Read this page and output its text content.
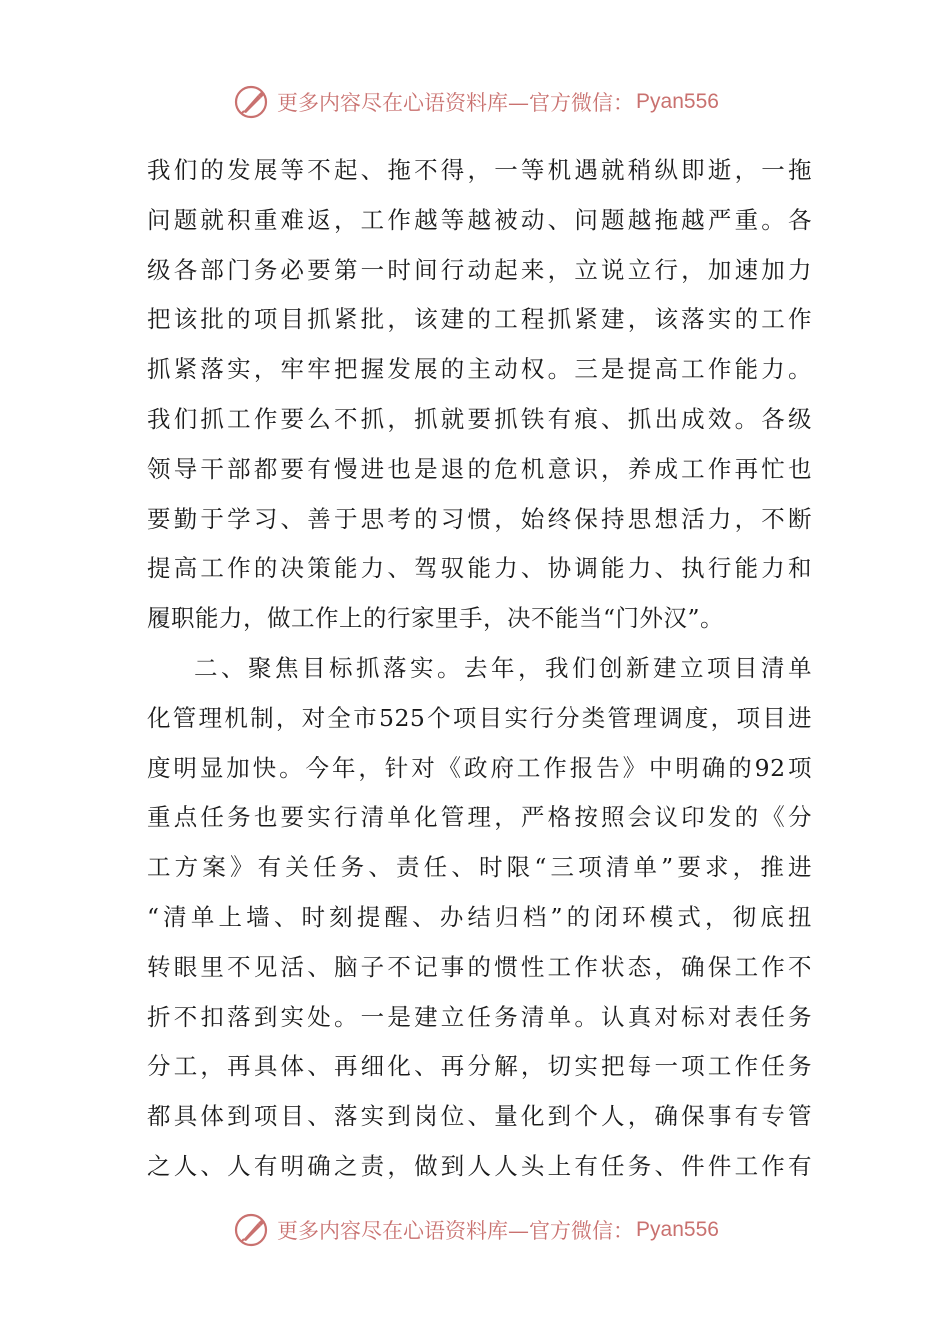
更多内容尽在心语资料库—官方微信： Pyan556
我们的发展等不起、拖不得，一等机遇就稍纵即逝，一拖
问题就积重难返，工作越等越被动、问题越拖越严重。各
级各部门务必要第一时间行动起来，立说立行，加速加力
把该批的项目抓紧批，该建的工程抓紧建，该落实的工作
抓紧落实，牢牢把握发展的主动权。三是提高工作能力。
我们抓工作要么不抓，抓就要抓铁有痕、抓出成效。各级
领导干部都要有慢进也是退的危机意识，养成工作再忙也
要勤于学习、善于思考的习惯，始终保持思想活力，不断
提高工作的决策能力、驾驭能力、协调能力、执行能力和
履职能力，做工作上的行家里手，决不能当“门外汉”。
二、聚焦目标抓落实。去年，我们创新建立项目清单
化管理机制，对全市525个项目实行分类管理调度，项目进
度明显加快。今年，针对《政府工作报告》中明确的92项
重点任务也要实行清单化管理，严格按照会议印发的《分
工方案》有关任务、责任、时限“三项清单”要求，推进
“清单上墙、时刻提醒、办结归档”的闭环模式，彻底扭
转眼里不见活、脑子不记事的惯性工作状态，确保工作不
折不扣落到实处。一是建立任务清单。认真对标对表任务
分工，再具体、再细化、再分解，切实把每一项工作任务
都具体到项目、落实到岗位、量化到个人，确保事有专管
之人、人有明确之责，做到人人头上有任务、件件工作有
更多内容尽在心语资料库—官方微信： Pyan556
